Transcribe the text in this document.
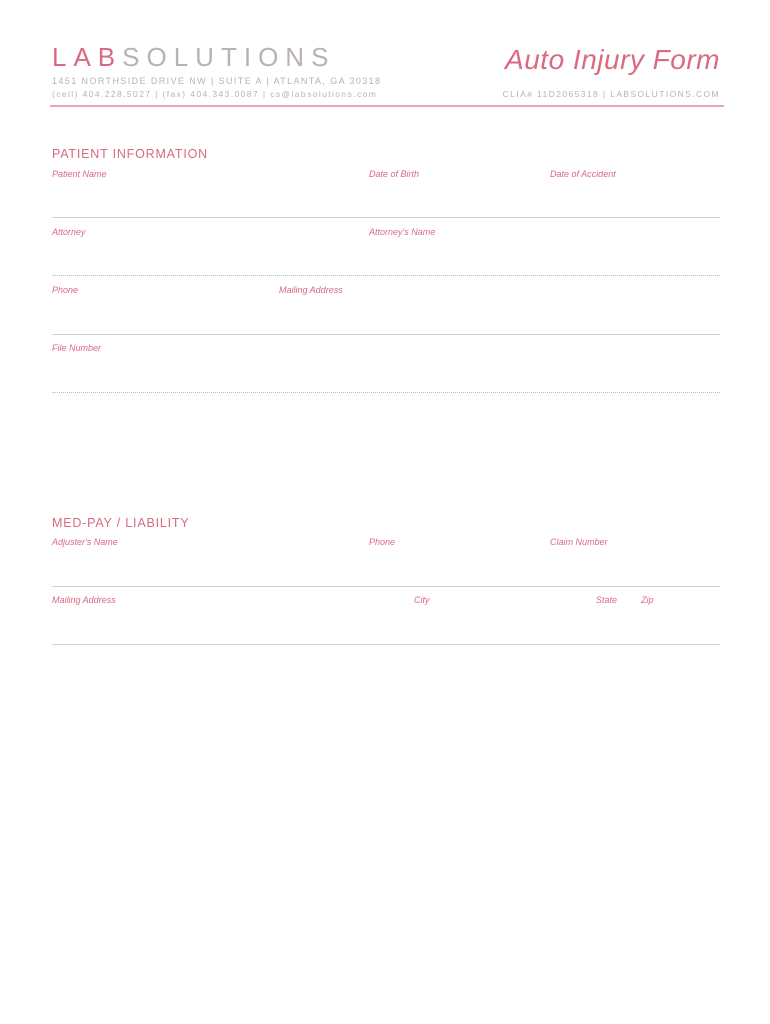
LABSOLUTIONS
1451 NORTHSIDE DRIVE NW | SUITE A | ATLANTA, GA 30318
(cell) 404.228.5027 | (fax) 404.343.0087 | cs@labsolutions.com
Auto Injury Form
CLIA# 11D2065318 | LABSOLUTIONS.COM
PATIENT INFORMATION
Patient Name	Date of Birth	Date of Accident
Attorney	Attorney's Name
Phone	Mailing Address
File Number
MED-PAY / LIABILITY
Adjuster's Name	Phone	Claim Number
Mailing Address	City	State	Zip
